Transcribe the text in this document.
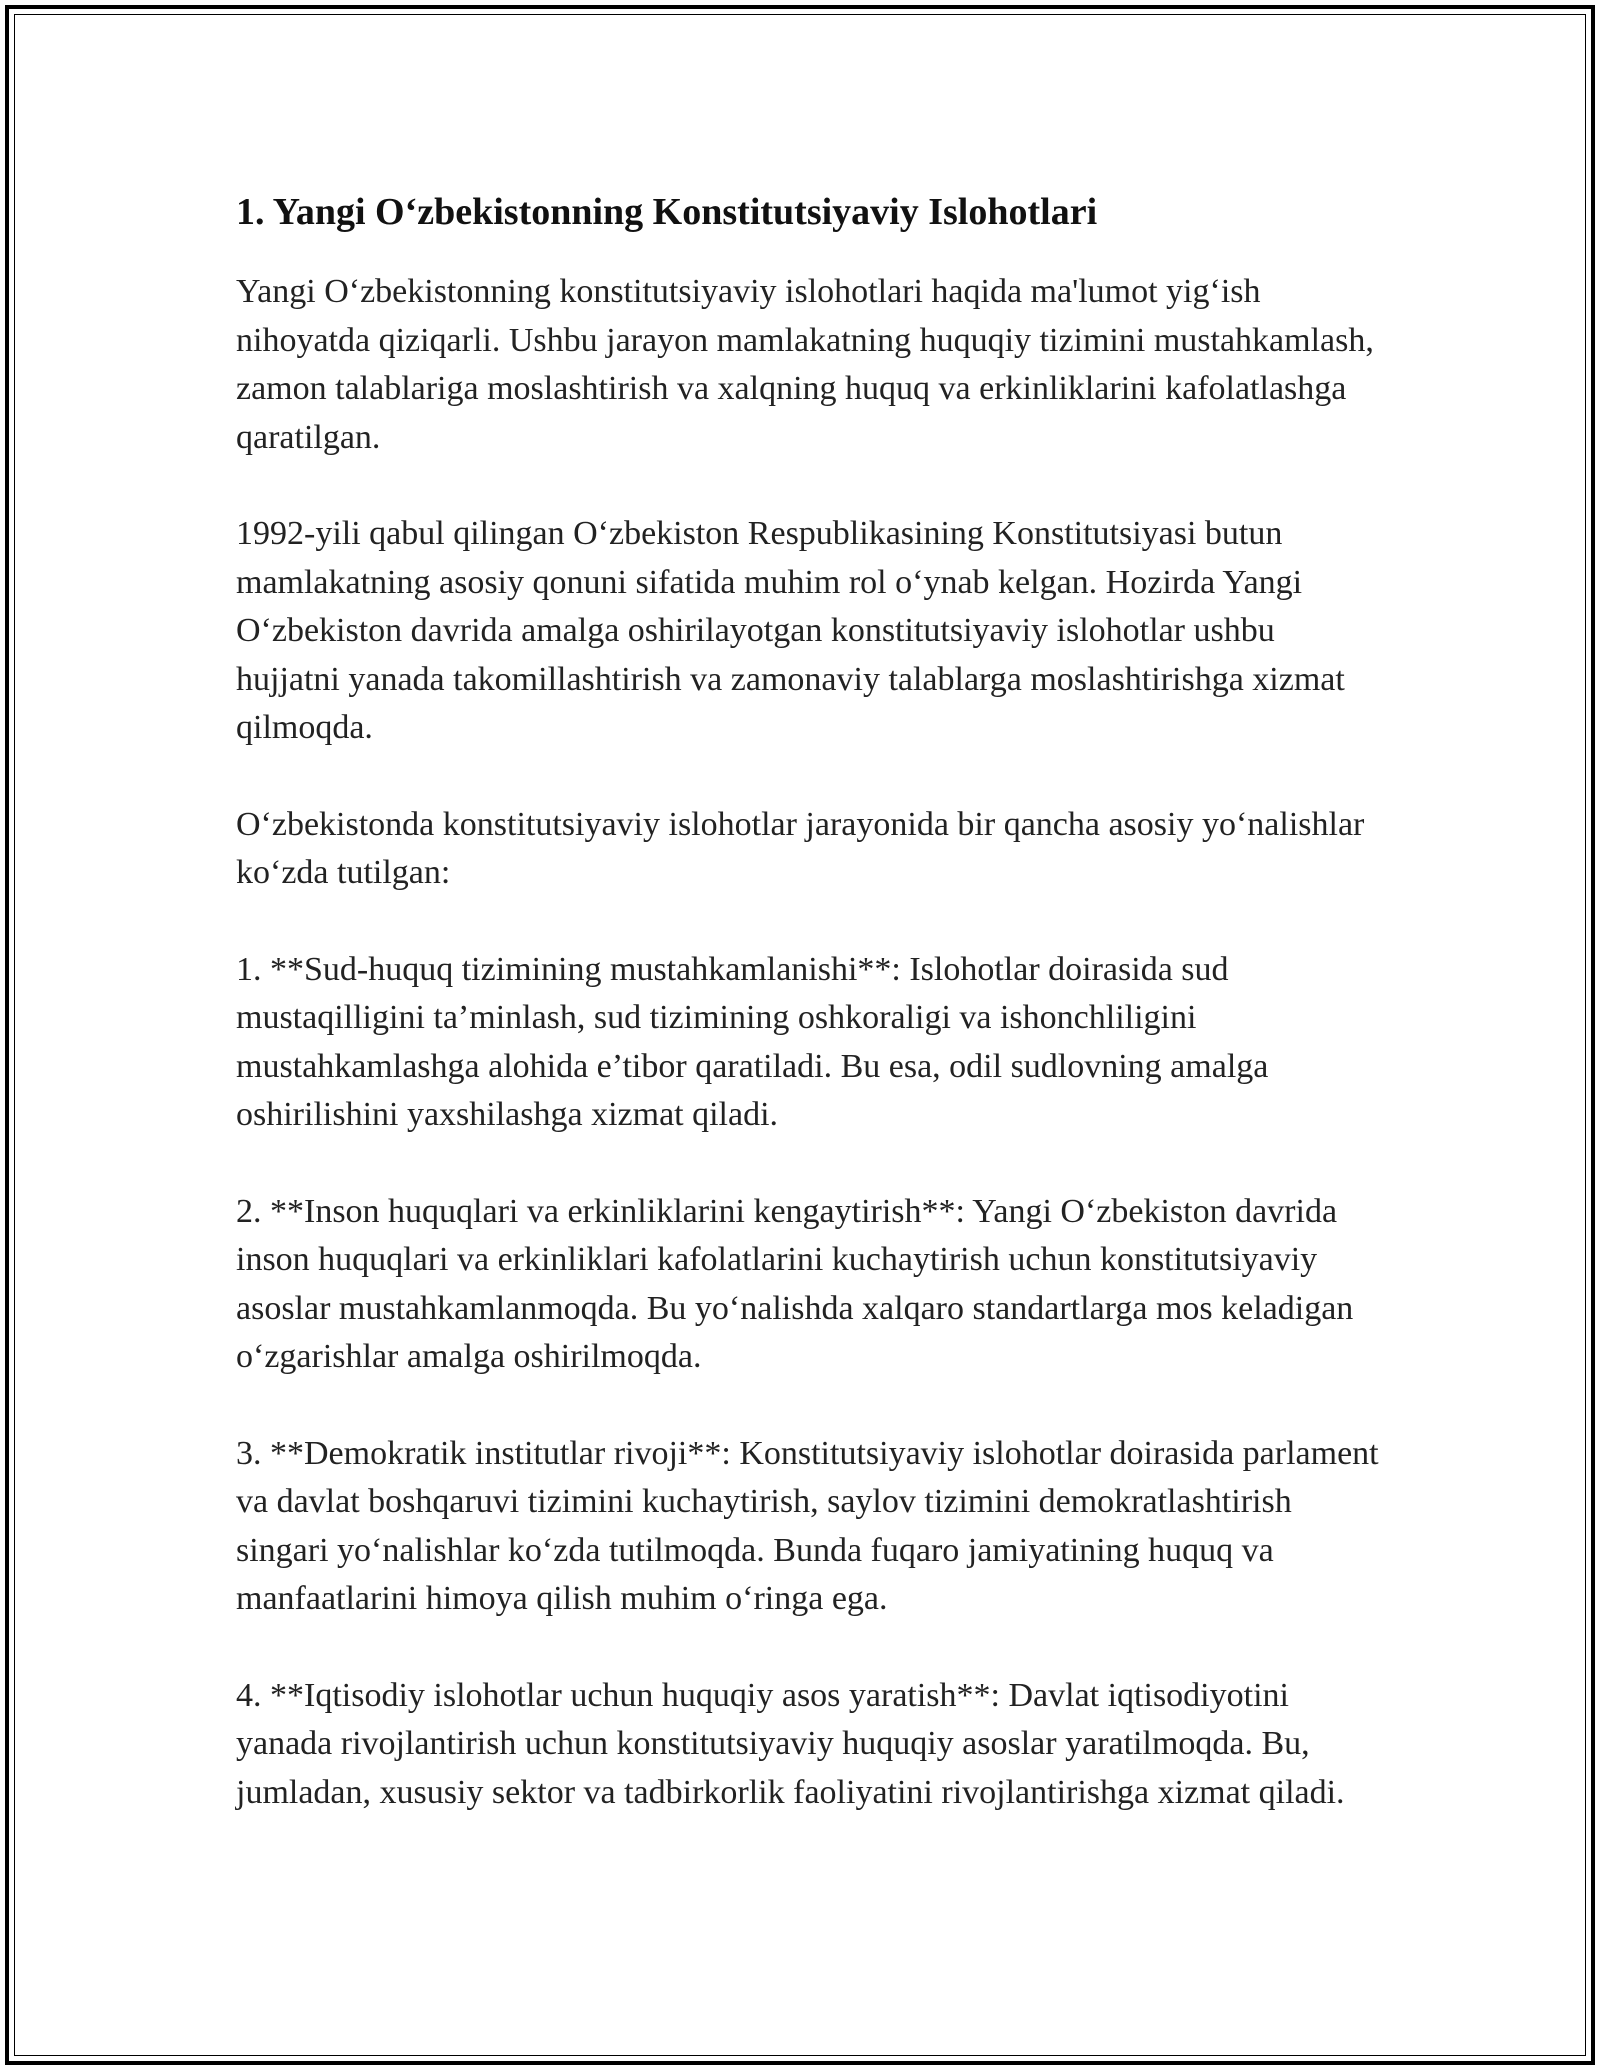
1. Yangi O‘zbekistonning Konstitutsiyaviy Islohotlari

Yangi O‘zbekistonning konstitutsiyaviy islohotlari haqida ma'lumot yig‘ish nihoyatda qiziqarli. Ushbu jarayon mamlakatning huquqiy tizimini mustahkamlash, zamon talablariga moslashtirish va xalqning huquq va erkinliklarini kafolatlashga qaratilgan.

1992-yili qabul qilingan O‘zbekiston Respublikasining Konstitutsiyasi butun mamlakatning asosiy qonuni sifatida muhim rol o‘ynab kelgan. Hozirda Yangi O‘zbekiston davrida amalga oshirilayotgan konstitutsiyaviy islohotlar ushbu hujjatni yanada takomillashtirish va zamonaviy talablarga moslashtirishga xizmat qilmoqda.

O‘zbekistonda konstitutsiyaviy islohotlar jarayonida bir qancha asosiy yo‘nalishlar ko‘zda tutilgan:

1. **Sud-huquq tizimining mustahkamlanishi**: Islohotlar doirasida sud mustaqilligini ta’minlash, sud tizimining oshkoraligi va ishonchliligini mustahkamlashga alohida e’tibor qaratiladi. Bu esa, odil sudlovning amalga oshirilishini yaxshilashga xizmat qiladi.

2. **Inson huquqlari va erkinliklarini kengaytirish**: Yangi O‘zbekiston davrida inson huquqlari va erkinliklari kafolatlarini kuchaytirish uchun konstitutsiyaviy asoslar mustahkamlanmoqda. Bu yo‘nalishda xalqaro standartlarga mos keladigan o‘zgarishlar amalga oshirilmoqda.

3. **Demokratik institutlar rivoji**: Konstitutsiyaviy islohotlar doirasida parlament va davlat boshqaruvi tizimini kuchaytirish, saylov tizimini demokratlashtirish singari yo‘nalishlar ko‘zda tutilmoqda. Bunda fuqaro jamiyatining huquq va manfaatlarini himoya qilish muhim o‘ringa ega.

4. **Iqtisodiy islohotlar uchun huquqiy asos yaratish**: Davlat iqtisodiyotini yanada rivojlantirish uchun konstitutsiyaviy huquqiy asoslar yaratilmoqda. Bu, jumladan, xususiy sektor va tadbirkorlik faoliyatini rivojlantirishga xizmat qiladi.
